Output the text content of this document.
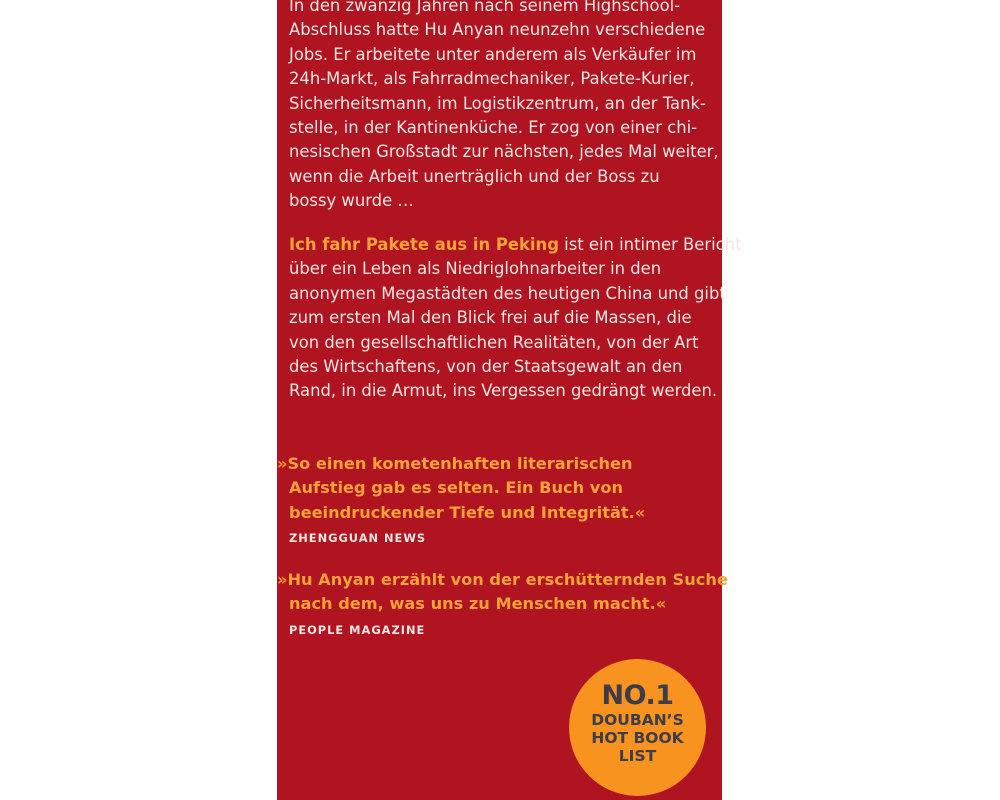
In den zwanzig Jahren nach seinem Highschool-
Abschluss hatte Hu Anyan neunzehn verschiedene
Jobs. Er arbeitete unter anderem als Verkäufer im
24h-Markt, als Fahrradmechaniker, Pakete-Kurier,
Sicherheitsmann, im Logistikzentrum, an der Tank-
stelle, in der Kantinenküche. Er zog von einer chi-
nesischen Großstadt zur nächsten, jedes Mal weiter,
wenn die Arbeit unerträglich und der Boss zu
bossy wurde …

Ich fahr Pakete aus in Peking ist ein intimer Bericht
über ein Leben als Niedriglohnarbeiter in den
anonymen Megastädten des heutigen China und gibt
zum ersten Mal den Blick frei auf die Massen, die
von den gesellschaftlichen Realitäten, von der Art
des Wirtschaftens, von der Staatsgewalt an den
Rand, in die Armut, ins Vergessen gedrängt werden.

»So einen kometenhaften literarischen
Aufstieg gab es selten. Ein Buch von
beeindruckender Tiefe und Integrität.«

ZHENGGUAN NEWS

»Hu Anyan erzählt von der erschütternden Suche
nach dem, was uns zu Menschen macht.«

PEOPLE MAGAZINE
NO.1
DOUBAN’S
HOT BOOK
LIST
